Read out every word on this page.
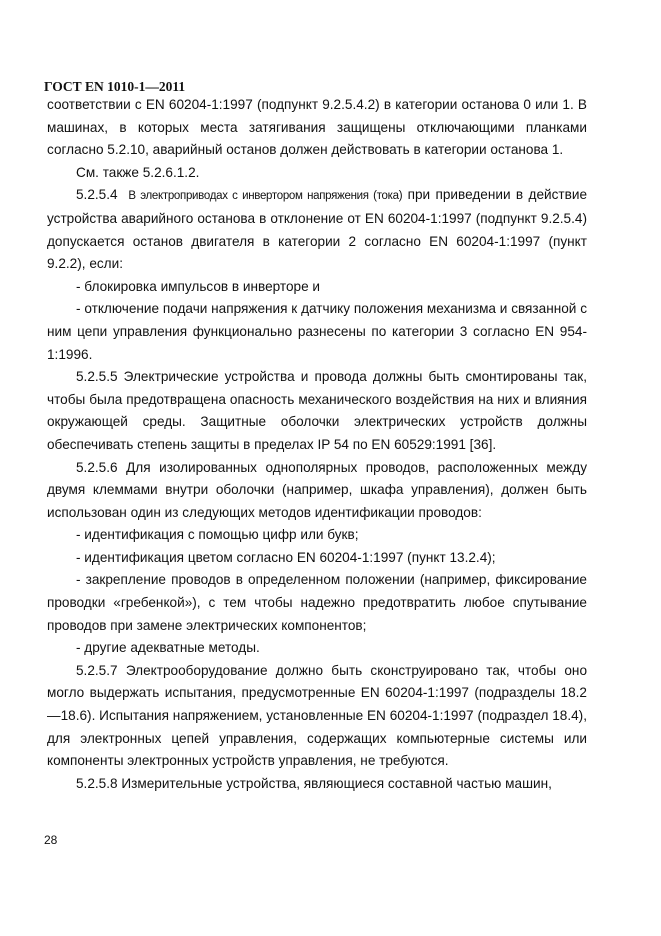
ГОСТ EN 1010-1—2011

соответствии с EN 60204-1:1997 (подпункт 9.2.5.4.2) в категории останова 0 или 1. В машинах, в которых места затягивания защищены отключающими планками согласно 5.2.10, аварийный останов должен действовать в категории останова 1.

См. также 5.2.6.1.2.

5.2.5.4 В электроприводах с инвертором напряжения (тока) при приведении в действие устройства аварийного останова в отклонение от EN 60204-1:1997 (подпункт 9.2.5.4) допускается останов двигателя в категории 2 согласно EN 60204-1:1997 (пункт 9.2.2), если:

- блокировка импульсов в инверторе и

- отключение подачи напряжения к датчику положения механизма и связанной с ним цепи управления функционально разнесены по категории 3 согласно EN 954-1:1996.

5.2.5.5 Электрические устройства и провода должны быть смонтированы так, чтобы была предотвращена опасность механического воздействия на них и влияния окружающей среды. Защитные оболочки электрических устройств должны обеспечивать степень защиты в пределах IP 54 по EN 60529:1991 [36].

5.2.5.6 Для изолированных однополярных проводов, расположенных между двумя клеммами внутри оболочки (например, шкафа управления), должен быть использован один из следующих методов идентификации проводов:

- идентификация с помощью цифр или букв;

- идентификация цветом согласно EN 60204-1:1997 (пункт 13.2.4);

- закрепление проводов в определенном положении (например, фиксирование проводки «гребенкой»), с тем чтобы надежно предотвратить любое спутывание проводов при замене электрических компонентов;

- другие адекватные методы.

5.2.5.7 Электрооборудование должно быть сконструировано так, чтобы оно могло выдержать испытания, предусмотренные EN 60204-1:1997 (подразделы 18.2—18.6). Испытания напряжением, установленные EN 60204-1:1997 (подраздел 18.4), для электронных цепей управления, содержащих компьютерные системы или компоненты электронных устройств управления, не требуются.

5.2.5.8 Измерительные устройства, являющиеся составной частью машин,

28
